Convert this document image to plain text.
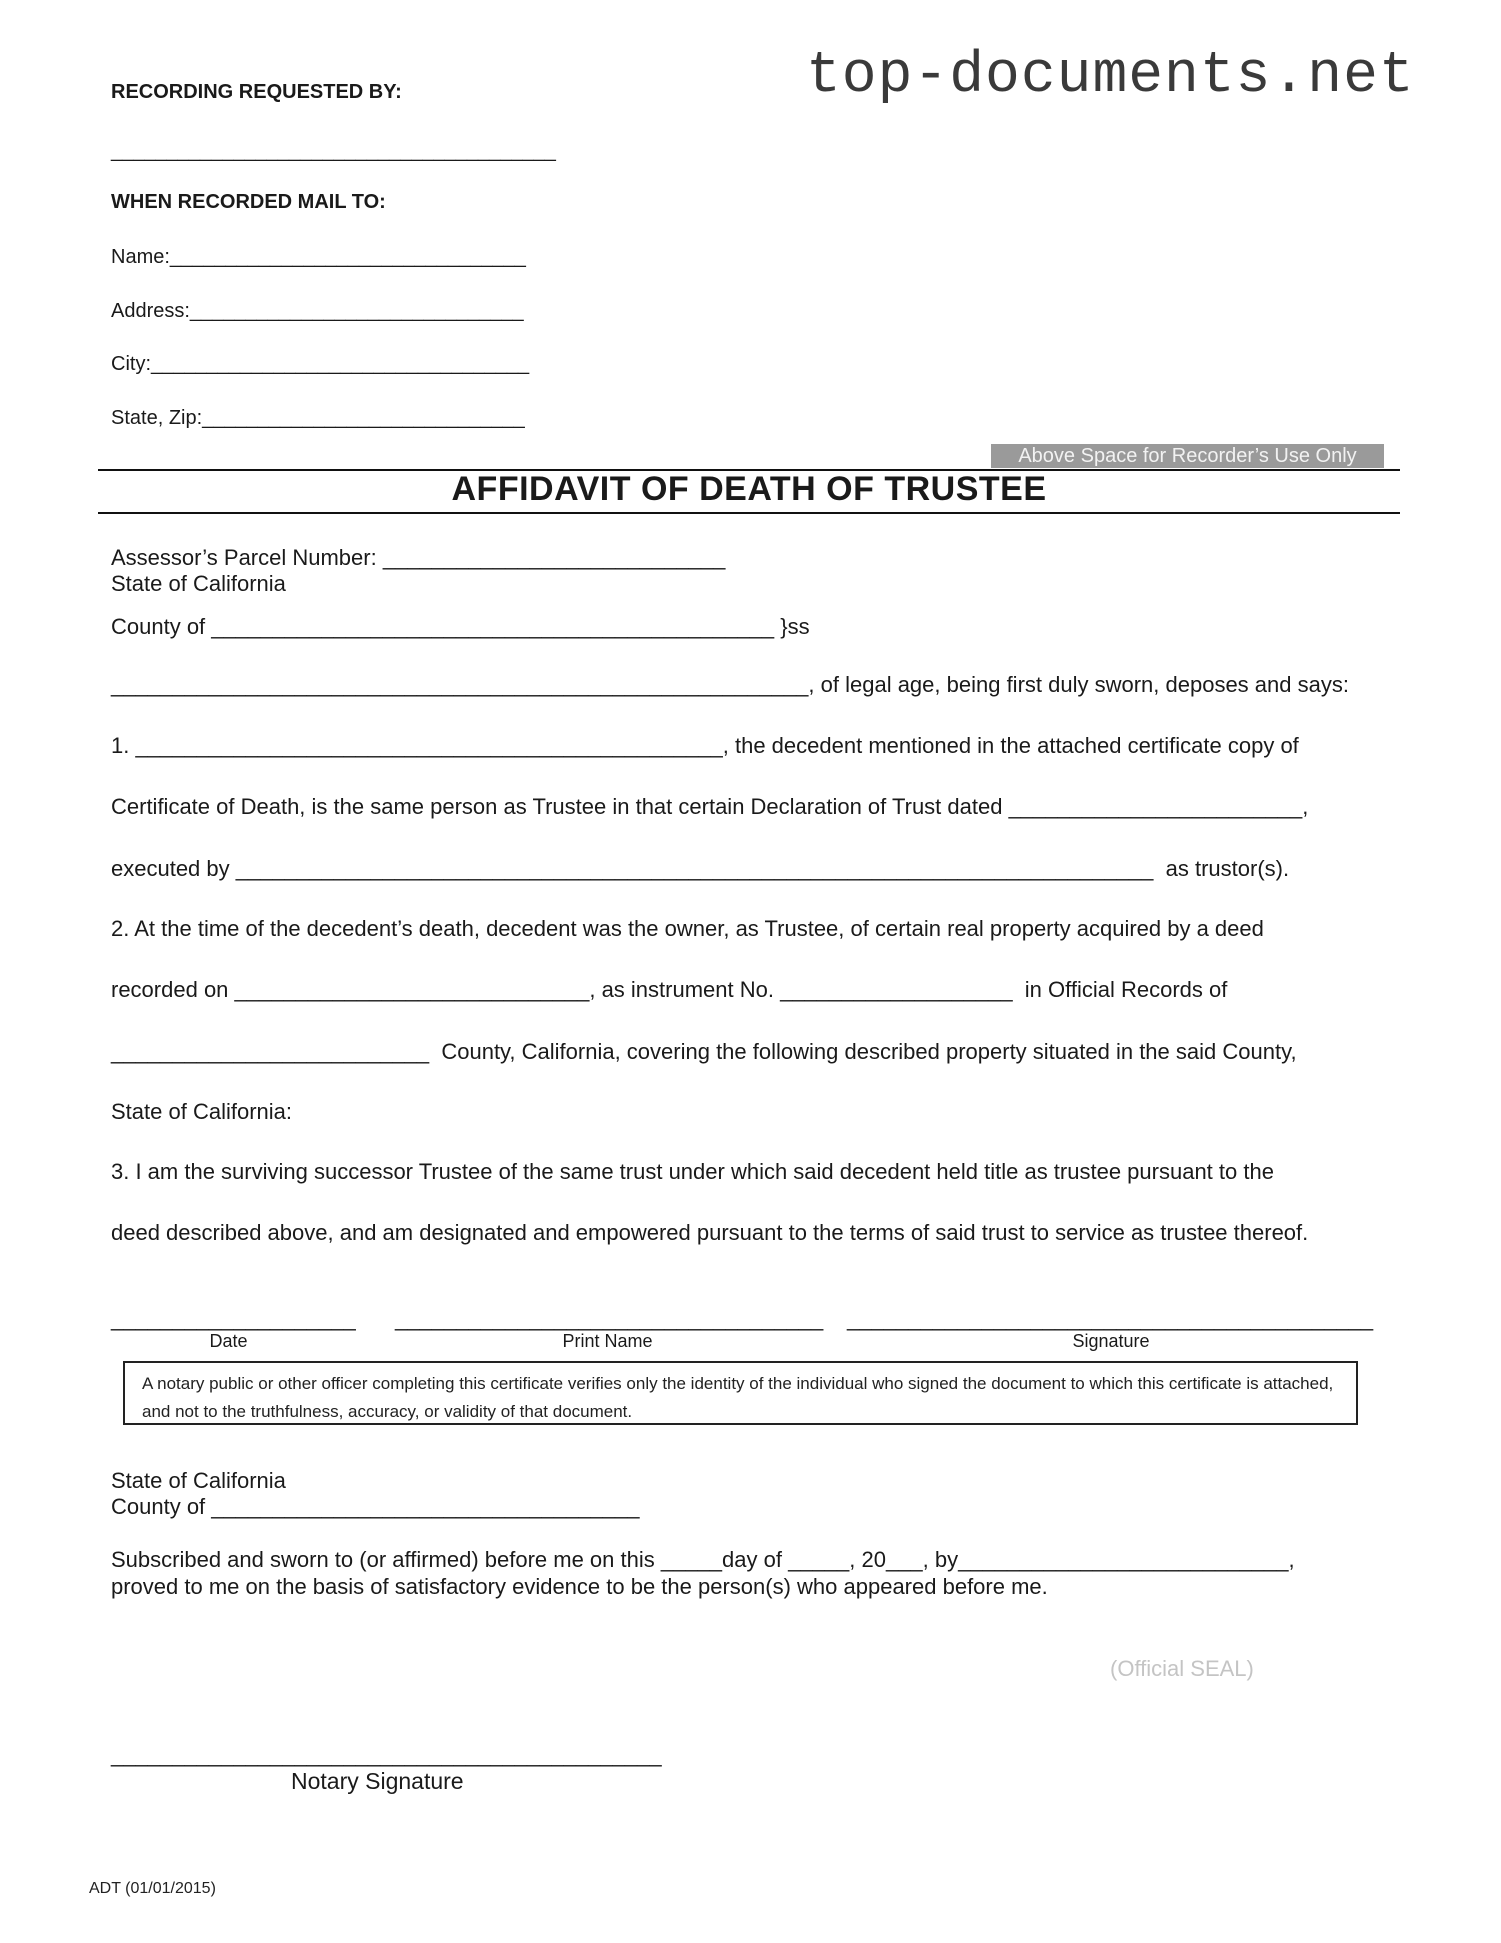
top-documents.net
RECORDING REQUESTED BY:
________________________________________
WHEN RECORDED MAIL TO:
Name:________________________________
Address:______________________________
City:__________________________________
State, Zip:_____________________________
Above Space for Recorder’s Use Only
AFFIDAVIT OF DEATH OF TRUSTEE
Assessor’s Parcel Number: ____________________________
State of California
County of ______________________________________________ }ss
_________________________________________________________, of legal age, being first duly sworn, deposes and says:
1. ________________________________________________, the decedent mentioned in the attached certificate copy of
Certificate of Death, is the same person as Trustee in that certain Declaration of Trust dated ________________________,
executed by ___________________________________________________________________________  as trustor(s).
2. At the time of the decedent’s death, decedent was the owner, as Trustee, of certain real property acquired by a deed
recorded on _____________________________, as instrument No. ___________________  in Official Records of
__________________________  County, California, covering the following described property situated in the said County,
State of California:
3. I am the surviving successor Trustee of the same trust under which said decedent held title as trustee pursuant to the
deed described above, and am designated and empowered pursuant to the terms of said trust to service as trustee thereof.
____________________ ___________________________________ ___________________________________________
Date	Print Name	Signature
A notary public or other officer completing this certificate verifies only the identity of the individual who signed the document to which this certificate is attached, and not to the truthfulness, accuracy, or validity of that document.
State of California
County of ___________________________________
Subscribed and sworn to (or affirmed) before me on this _____day of _____, 20___, by___________________________,
proved to me on the basis of satisfactory evidence to be the person(s) who appeared before me.
(Official SEAL)
_____________________________________________
Notary Signature
ADT (01/01/2015)
